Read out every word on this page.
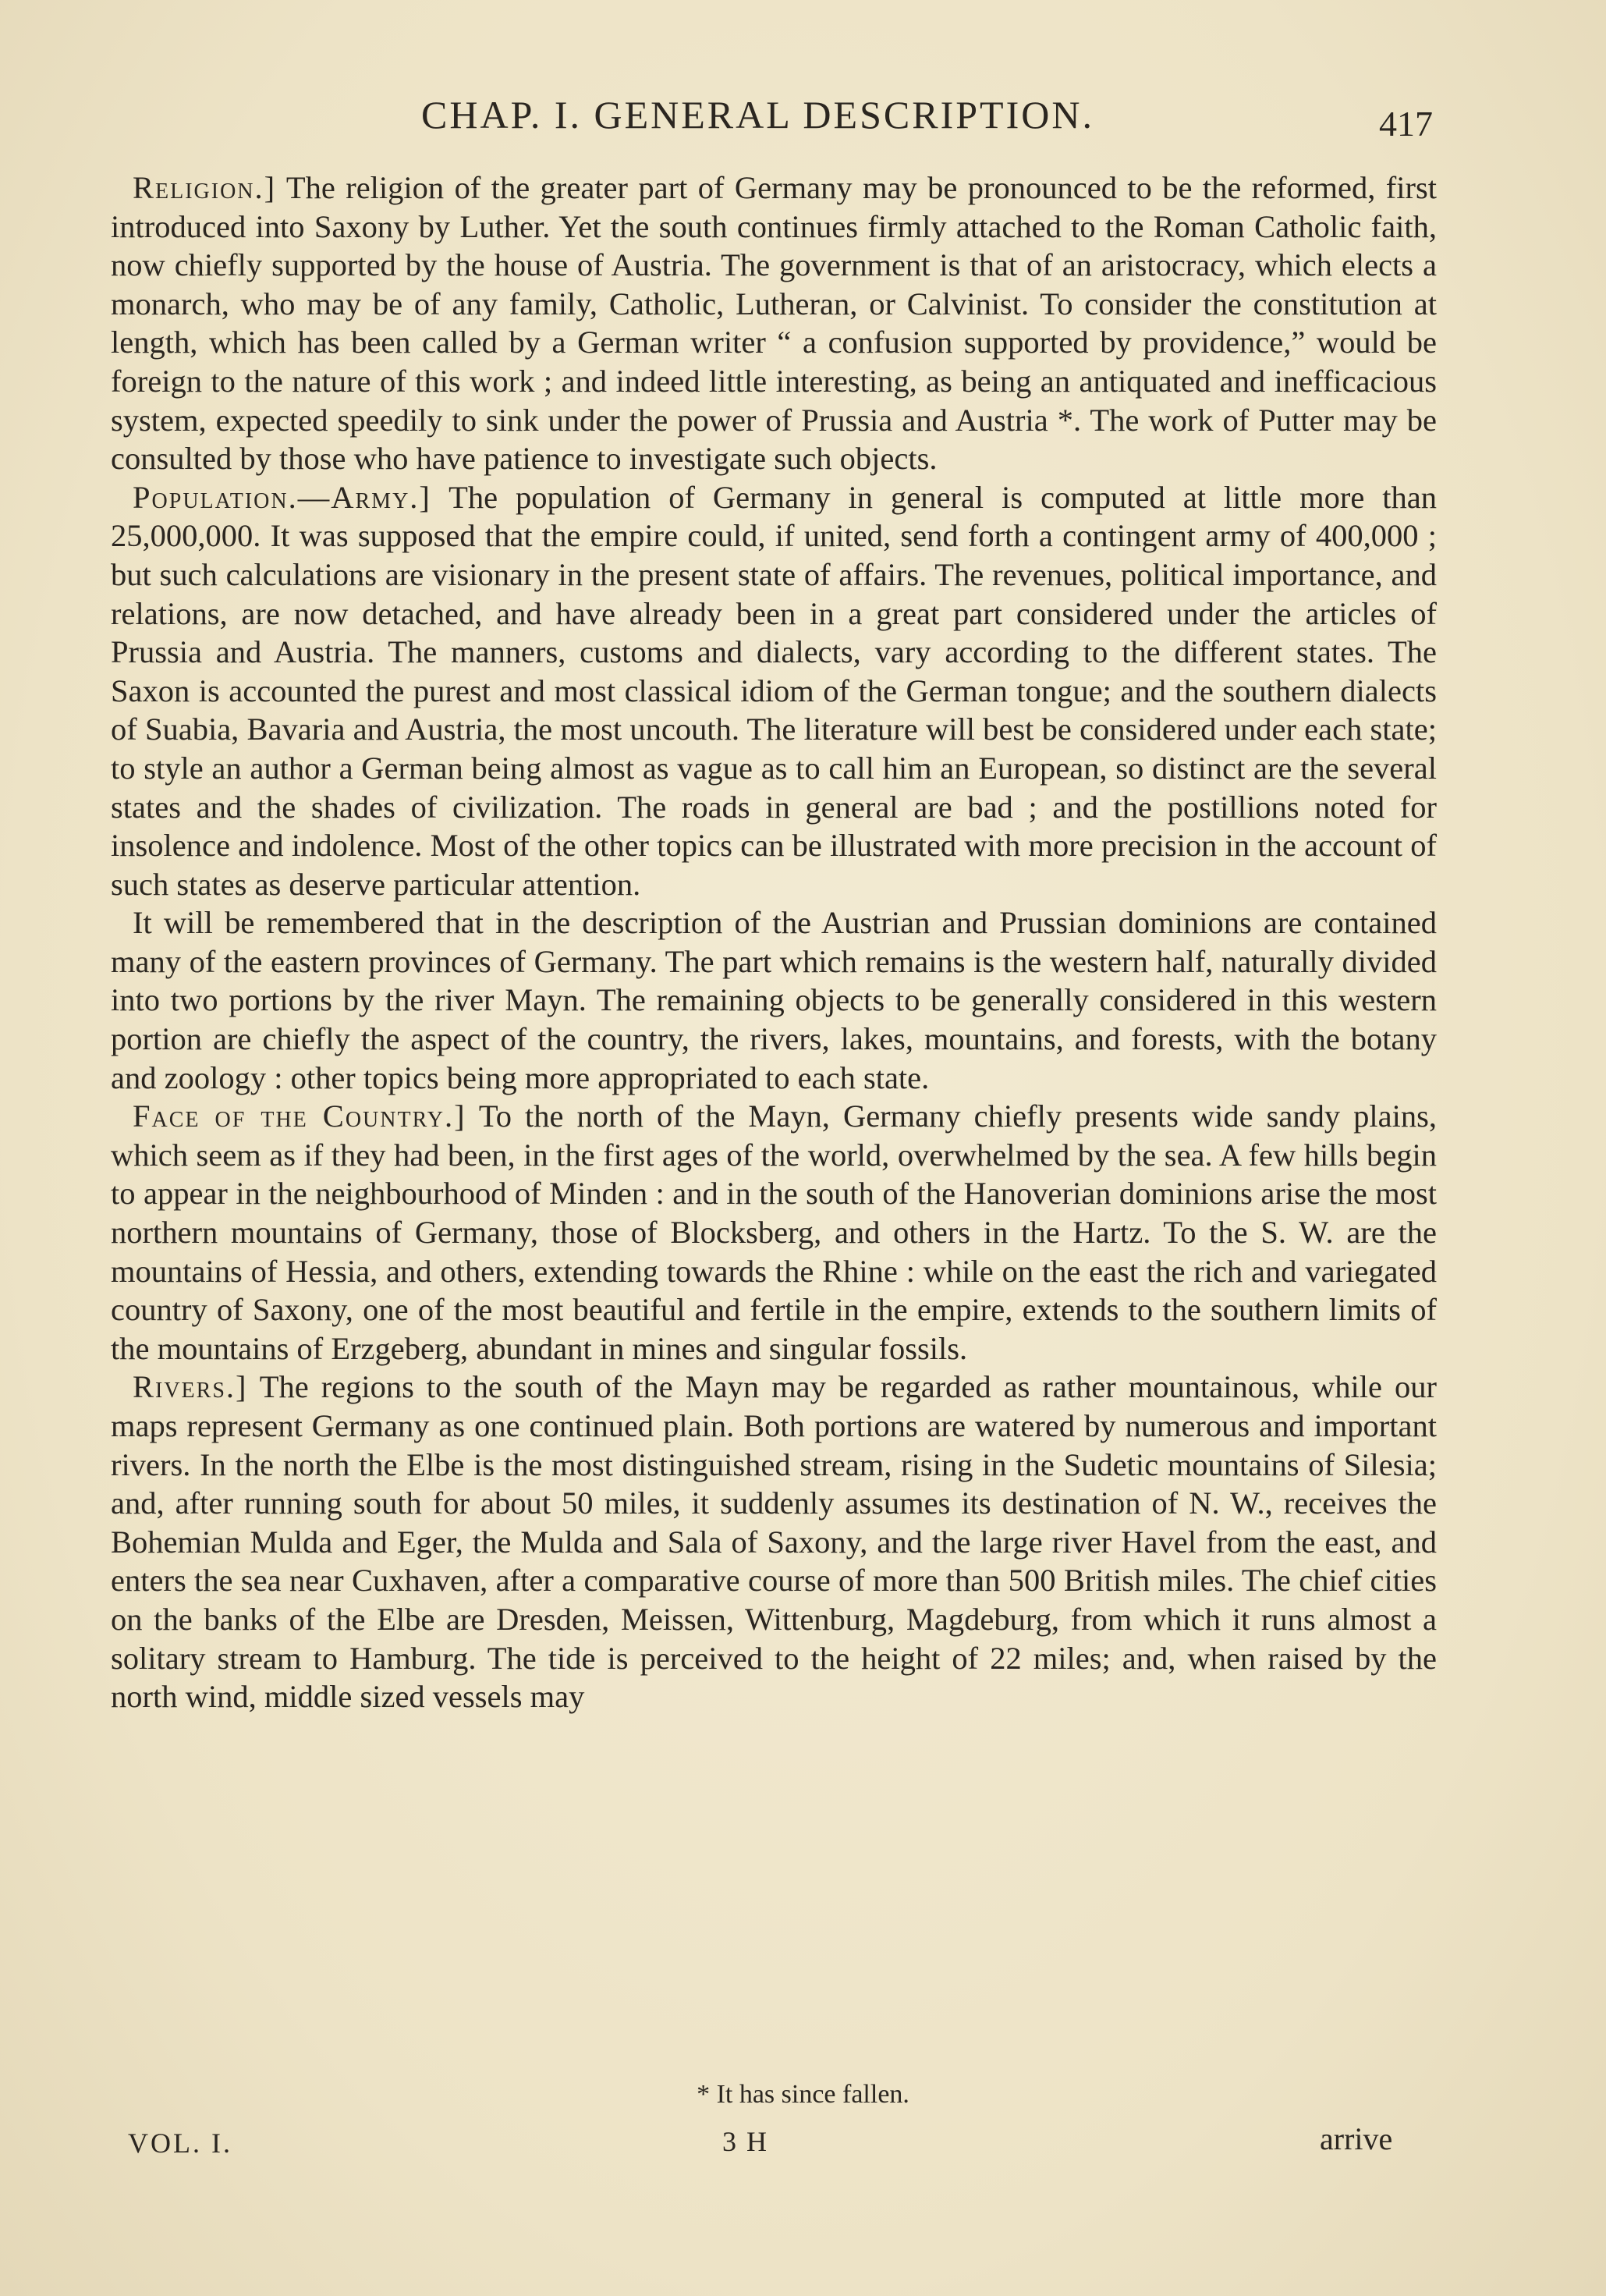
CHAP. I. GENERAL DESCRIPTION.	417

Religion.] The religion of the greater part of Germany may be pronounced to be the reformed, first introduced into Saxony by Luther. Yet the south continues firmly attached to the Roman Catholic faith, now chiefly supported by the house of Austria. The government is that of an aristocracy, which elects a monarch, who may be of any family, Catholic, Lutheran, or Calvinist. To consider the constitution at length, which has been called by a German writer “ a confusion supported by providence,” would be foreign to the nature of this work ; and indeed little interesting, as being an antiquated and inefficacious system, expected speedily to sink under the power of Prussia and Austria *. The work of Putter may be consulted by those who have patience to investigate such objects.

Population.—Army.] The population of Germany in general is computed at little more than 25,000,000. It was supposed that the empire could, if united, send forth a contingent army of 400,000 ; but such calculations are visionary in the present state of affairs. The revenues, political importance, and relations, are now detached, and have already been in a great part considered under the articles of Prussia and Austria. The manners, customs and dialects, vary according to the different states. The Saxon is accounted the purest and most classical idiom of the German tongue; and the southern dialects of Suabia, Bavaria and Austria, the most uncouth. The literature will best be considered under each state; to style an author a German being almost as vague as to call him an European, so distinct are the several states and the shades of civilization. The roads in general are bad ; and the postillions noted for insolence and indolence. Most of the other topics can be illustrated with more precision in the account of such states as deserve particular attention.

It will be remembered that in the description of the Austrian and Prussian dominions are contained many of the eastern provinces of Germany. The part which remains is the western half, naturally divided into two portions by the river Mayn. The remaining objects to be generally considered in this western portion are chiefly the aspect of the country, the rivers, lakes, mountains, and forests, with the botany and zoology : other topics being more appropriated to each state.

Face of the Country.] To the north of the Mayn, Germany chiefly presents wide sandy plains, which seem as if they had been, in the first ages of the world, overwhelmed by the sea. A few hills begin to appear in the neighbourhood of Minden : and in the south of the Hanoverian dominions arise the most northern mountains of Germany, those of Blocksberg, and others in the Hartz. To the S. W. are the mountains of Hessia, and others, extending towards the Rhine : while on the east the rich and variegated country of Saxony, one of the most beautiful and fertile in the empire, extends to the southern limits of the mountains of Erzgeberg, abundant in mines and singular fossils.

Rivers.] The regions to the south of the Mayn may be regarded as rather mountainous, while our maps represent Germany as one continued plain. Both portions are watered by numerous and important rivers. In the north the Elbe is the most distinguished stream, rising in the Sudetic mountains of Silesia; and, after running south for about 50 miles, it suddenly assumes its destination of N. W., receives the Bohemian Mulda and Eger, the Mulda and Sala of Saxony, and the large river Havel from the east, and enters the sea near Cuxhaven, after a comparative course of more than 500 British miles. The chief cities on the banks of the Elbe are Dresden, Meissen, Wittenburg, Magdeburg, from which it runs almost a solitary stream to Hamburg. The tide is perceived to the height of 22 miles; and, when raised by the north wind, middle sized vessels may

* It has since fallen.
VOL. I.	3 H	arrive
